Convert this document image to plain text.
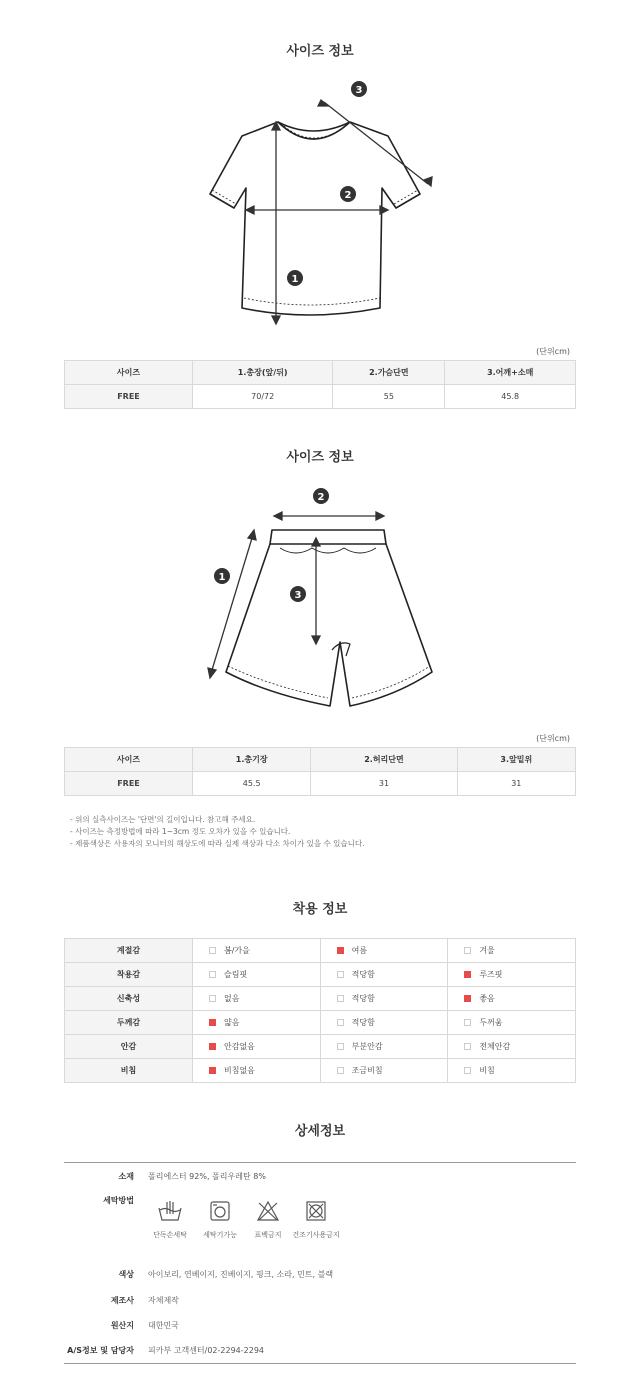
사이즈 정보
1
2
3
(단위cm)
사이즈	1.총장(앞/뒤)	2.가슴단면	3.어깨+소매
FREE	70/72	55	45.8
사이즈 정보
1
2
3
(단위cm)
사이즈	1.총기장	2.허리단면	3.앞밑위
FREE	45.5	31	31
- 위의 실측사이즈는 '단면'의 길이입니다. 참고해 주세요.
- 사이즈는 측정방법에 따라 1~3cm 정도 오차가 있을 수 있습니다.
- 제품색상은 사용자의 모니터의 해상도에 따라 실제 색상과 다소 차이가 있을 수 있습니다.
착용 정보
계절감	봄/가을	여름	겨울
착용감	슬림핏	적당함	루즈핏
신축성	없음	적당함	좋음
두께감	얇음	적당함	두꺼움
안감	안감없음	부분안감	전체안감
비침	비침없음	조금비침	비침
상세정보
소재 폴리에스터 92%, 폴리우레탄 8%
세탁방법
색상 아이보리, 연베이지, 진베이지, 핑크, 소라, 민트, 블랙
제조사 자체제작
원산지 대한민국
A/S정보 및 담당자 피카부 고객센터/02-2294-2294
단독손세탁	세탁기가능	표백금지	건조기사용금지
